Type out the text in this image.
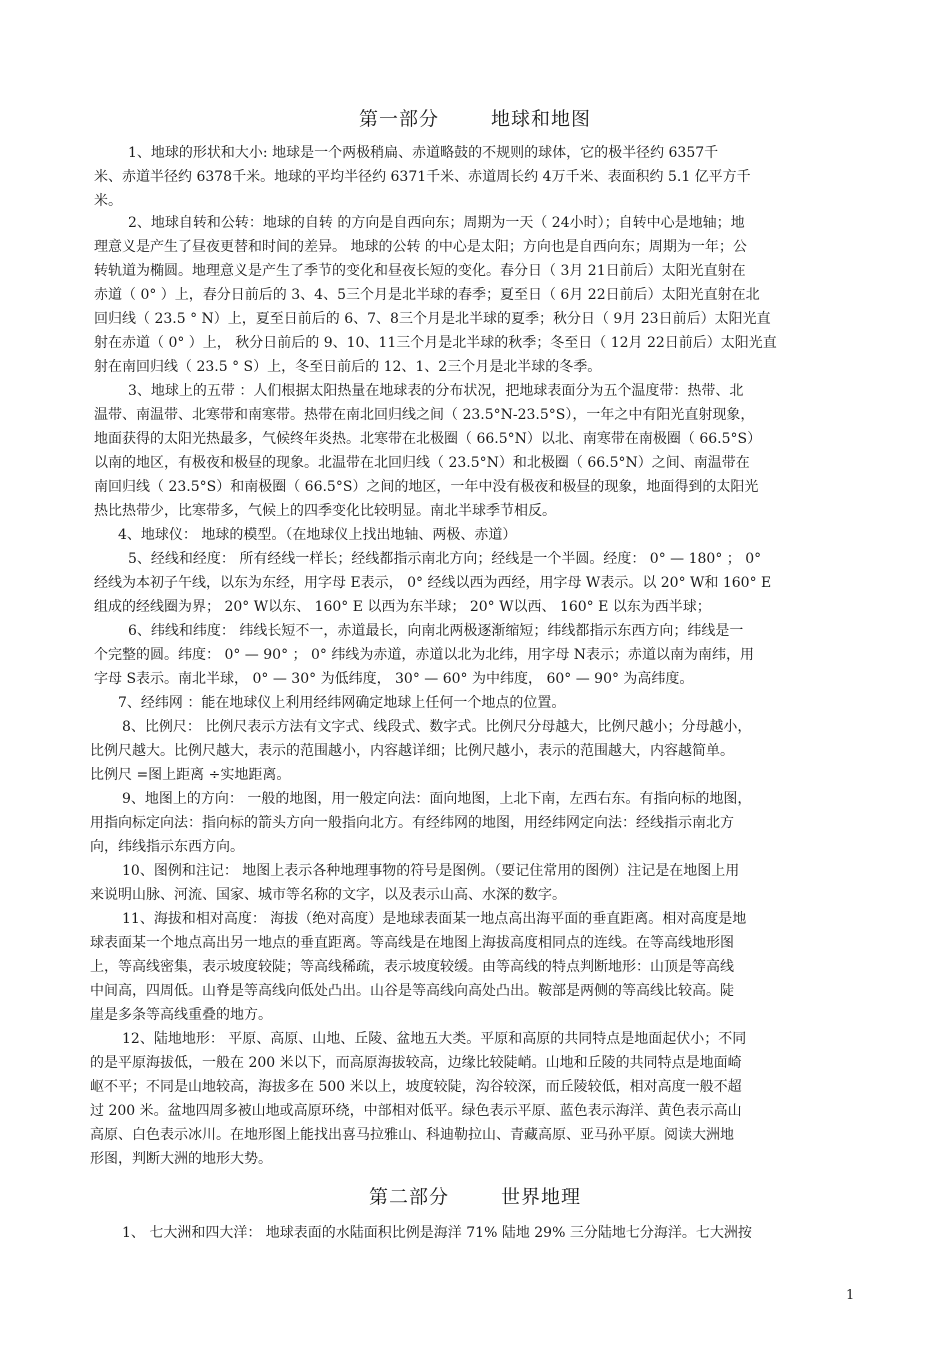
第一部分	地球和地图
1、地球的形状和大小: 地球是一个两极稍扁、赤道略鼓的不规则的球体，它的极半径约 6357千
米、赤道半径约 6378千米。地球的平均半径约 6371千米、赤道周长约 4万千米、表面积约 5.1 亿平方千
米。
2、地球自转和公转：地球的自转 的方向是自西向东；周期为一天（ 24小时）；自转中心是地轴；地
理意义是产生了昼夜更替和时间的差异。 地球的公转 的中心是太阳；方向也是自西向东；周期为一年；公
转轨道为椭圆。地理意义是产生了季节的变化和昼夜长短的变化。春分日（ 3月 21日前后）太阳光直射在
赤道（ 0° ）上，春分日前后的 3、4、5三个月是北半球的春季；夏至日（ 6月 22日前后）太阳光直射在北
回归线（ 23.5 ° N）上，夏至日前后的 6、7、8三个月是北半球的夏季；秋分日（ 9月 23日前后）太阳光直
射在赤道（ 0° ）上， 秋分日前后的 9、10、11三个月是北半球的秋季；冬至日（ 12月 22日前后）太阳光直
射在南回归线（ 23.5 ° S）上，冬至日前后的 12、1、2三个月是北半球的冬季。
3、地球上的五带 ：人们根据太阳热量在地球表的分布状况，把地球表面分为五个温度带：热带、北
温带、南温带、北寒带和南寒带。热带在南北回归线之间（ 23.5°N-23.5°S），一年之中有阳光直射现象，
地面获得的太阳光热最多，气候终年炎热。北寒带在北极圈（ 66.5°N）以北、南寒带在南极圈（ 66.5°S）
以南的地区，有极夜和极昼的现象。北温带在北回归线（ 23.5°N）和北极圈（ 66.5°N）之间、南温带在
南回归线（ 23.5°S）和南极圈（ 66.5°S）之间的地区，一年中没有极夜和极昼的现象，地面得到的太阳光
热比热带少，比寒带多，气候上的四季变化比较明显。南北半球季节相反。
4、地球仪： 地球的模型。（在地球仪上找出地轴、两极、赤道）
5、经线和经度： 所有经线一样长；经线都指示南北方向；经线是一个半圆。经度： 0° — 180° ； 0°
经线为本初子午线，以东为东经，用字母 E表示， 0° 经线以西为西经，用字母 W表示。以 20° W和 160° E
组成的经线圈为界； 20° W以东、 160° E 以西为东半球； 20° W以西、 160° E 以东为西半球；
6、纬线和纬度： 纬线长短不一，赤道最长，向南北两极逐渐缩短；纬线都指示东西方向；纬线是一
个完整的圆。纬度： 0° — 90° ； 0° 纬线为赤道，赤道以北为北纬，用字母 N表示；赤道以南为南纬，用
字母 S表示。南北半球， 0° — 30° 为低纬度， 30° — 60° 为中纬度， 60° — 90° 为高纬度。
7、经纬网 ：能在地球仪上利用经纬网确定地球上任何一个地点的位置。
8、比例尺： 比例尺表示方法有文字式、线段式、数字式。比例尺分母越大，比例尺越小；分母越小，
比例尺越大。比例尺越大，表示的范围越小，内容越详细；比例尺越小，表示的范围越大，内容越简单。
比例尺 =图上距离 ÷实地距离。
9、地图上的方向： 一般的地图，用一般定向法：面向地图，上北下南，左西右东。有指向标的地图，
用指向标定向法：指向标的箭头方向一般指向北方。有经纬网的地图，用经纬网定向法：经线指示南北方
向，纬线指示东西方向。
10、图例和注记： 地图上表示各种地理事物的符号是图例。（要记住常用的图例）注记是在地图上用
来说明山脉、河流、国家、城市等名称的文字，以及表示山高、水深的数字。
11、海拔和相对高度： 海拔（绝对高度）是地球表面某一地点高出海平面的垂直距离。相对高度是地
球表面某一个地点高出另一地点的垂直距离。等高线是在地图上海拔高度相同点的连线。在等高线地形图
上，等高线密集，表示坡度较陡；等高线稀疏，表示坡度较缓。由等高线的特点判断地形：山顶是等高线
中间高，四周低。山脊是等高线向低处凸出。山谷是等高线向高处凸出。鞍部是两侧的等高线比较高。陡
崖是多条等高线重叠的地方。
12、陆地地形： 平原、高原、山地、丘陵、盆地五大类。平原和高原的共同特点是地面起伏小；不同
的是平原海拔低，一般在 200 米以下，而高原海拔较高，边缘比较陡峭。山地和丘陵的共同特点是地面崎
岖不平；不同是山地较高，海拔多在 500 米以上，坡度较陡，沟谷较深，而丘陵较低，相对高度一般不超
过 200 米。盆地四周多被山地或高原环绕，中部相对低平。绿色表示平原、蓝色表示海洋、黄色表示高山
高原、白色表示冰川。在地形图上能找出喜马拉雅山、科迪勒拉山、青藏高原、亚马孙平原。阅读大洲地
形图，判断大洲的地形大势。
第二部分	世界地理
1、 七大洲和四大洋： 地球表面的水陆面积比例是海洋 71% 陆地 29% 三分陆地七分海洋。七大洲按
1
